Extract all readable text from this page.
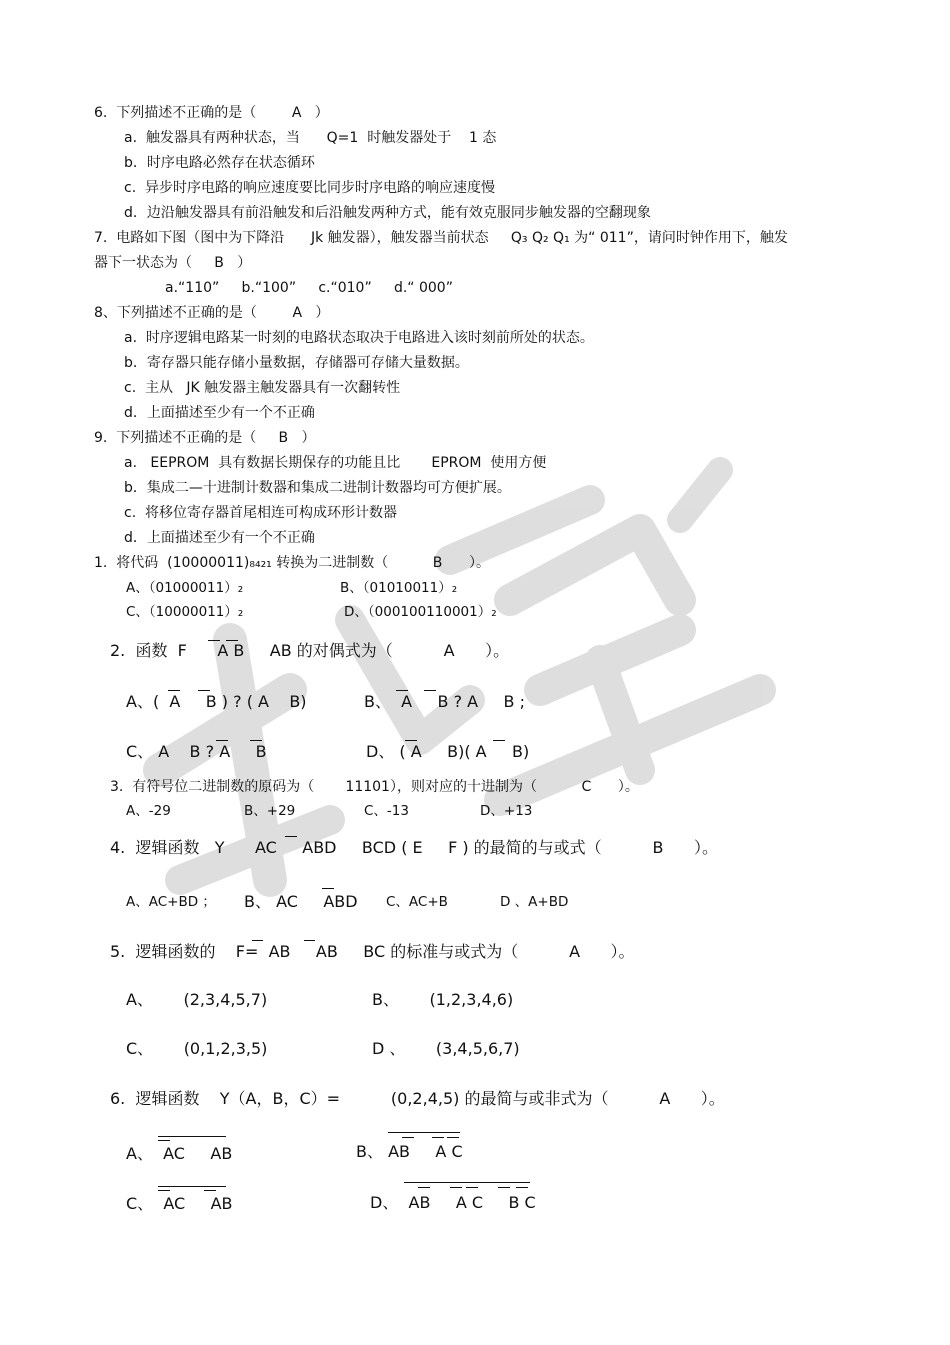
6.  下列描述不正确的是（        A   ）
a.  触发器具有两种状态，当      Q=1  时触发器处于    1 态
b．时序电路必然存在状态循环
c.  异步时序电路的响应速度要比同步时序电路的响应速度慢
d．边沿触发器具有前沿触发和后沿触发两种方式，能有效克服同步触发器的空翻现象
7.  电路如下图（图中为下降沿      Jk 触发器），触发器当前状态     Q₃ Q₂ Q₁ 为“ 011”，请问时钟作用下，触发
器下一状态为（     B   ）
a.“110”     b.“100”     c.“010”     d.“ 000”
8、下列描述不正确的是（        A   ）
a.  时序逻辑电路某一时刻的电路状态取决于电路进入该时刻前所处的状态。
b．寄存器只能存储小量数据，存储器可存储大量数据。
c.  主从   JK 触发器主触发器具有一次翻转性
d．上面描述至少有一个不正确
9.  下列描述不正确的是（     B   ）
a.   EEPROM  具有数据长期保存的功能且比       EPROM  使用方便
b．集成二—十进制计数器和集成二进制计数器均可方便扩展。
c.  将移位寄存器首尾相连可构成环形计数器
d．上面描述至少有一个不正确
1.  将代码  (10000011)₈₄₂₁ 转换为二进制数（          B      ）。
A、（01000011）₂	B、（01010011）₂
C、（10000011）₂	D、（000100110001）₂
2.  函数  F      A B     AB 的对偶式为（          A      ）。
A、(  A     B ) ? ( A    B)	B、  A     B ? A     B ;
C、 A    B ? A     B	D、 ( A     B)( A     B)
3.  有符号位二进制数的原码为（       11101），则对应的十进制为（          C      ）。
A、-29	B、+29	C、-13	D、+13
4.  逻辑函数   Y      AC     ABD     BCD ( E     F ) 的最简的与或式（          B      ）。
A、AC+BD ； B、 AC     ABD C、AC+B	D 、A+BD
5.  逻辑函数的    F=  AB     AB     BC 的标准与或式为（          A      ）。
A、      (2,3,4,5,7)	B、      (1,2,3,4,6)
C、      (0,1,2,3,5)	D 、      (3,4,5,6,7)
6.  逻辑函数    Y（A，B，C）=          (0,2,4,5) 的最简与或非式为（          A      ）。
A、  AC     AB	B、 AB     A C
C、  AC     AB	D、  AB     A C     B C
